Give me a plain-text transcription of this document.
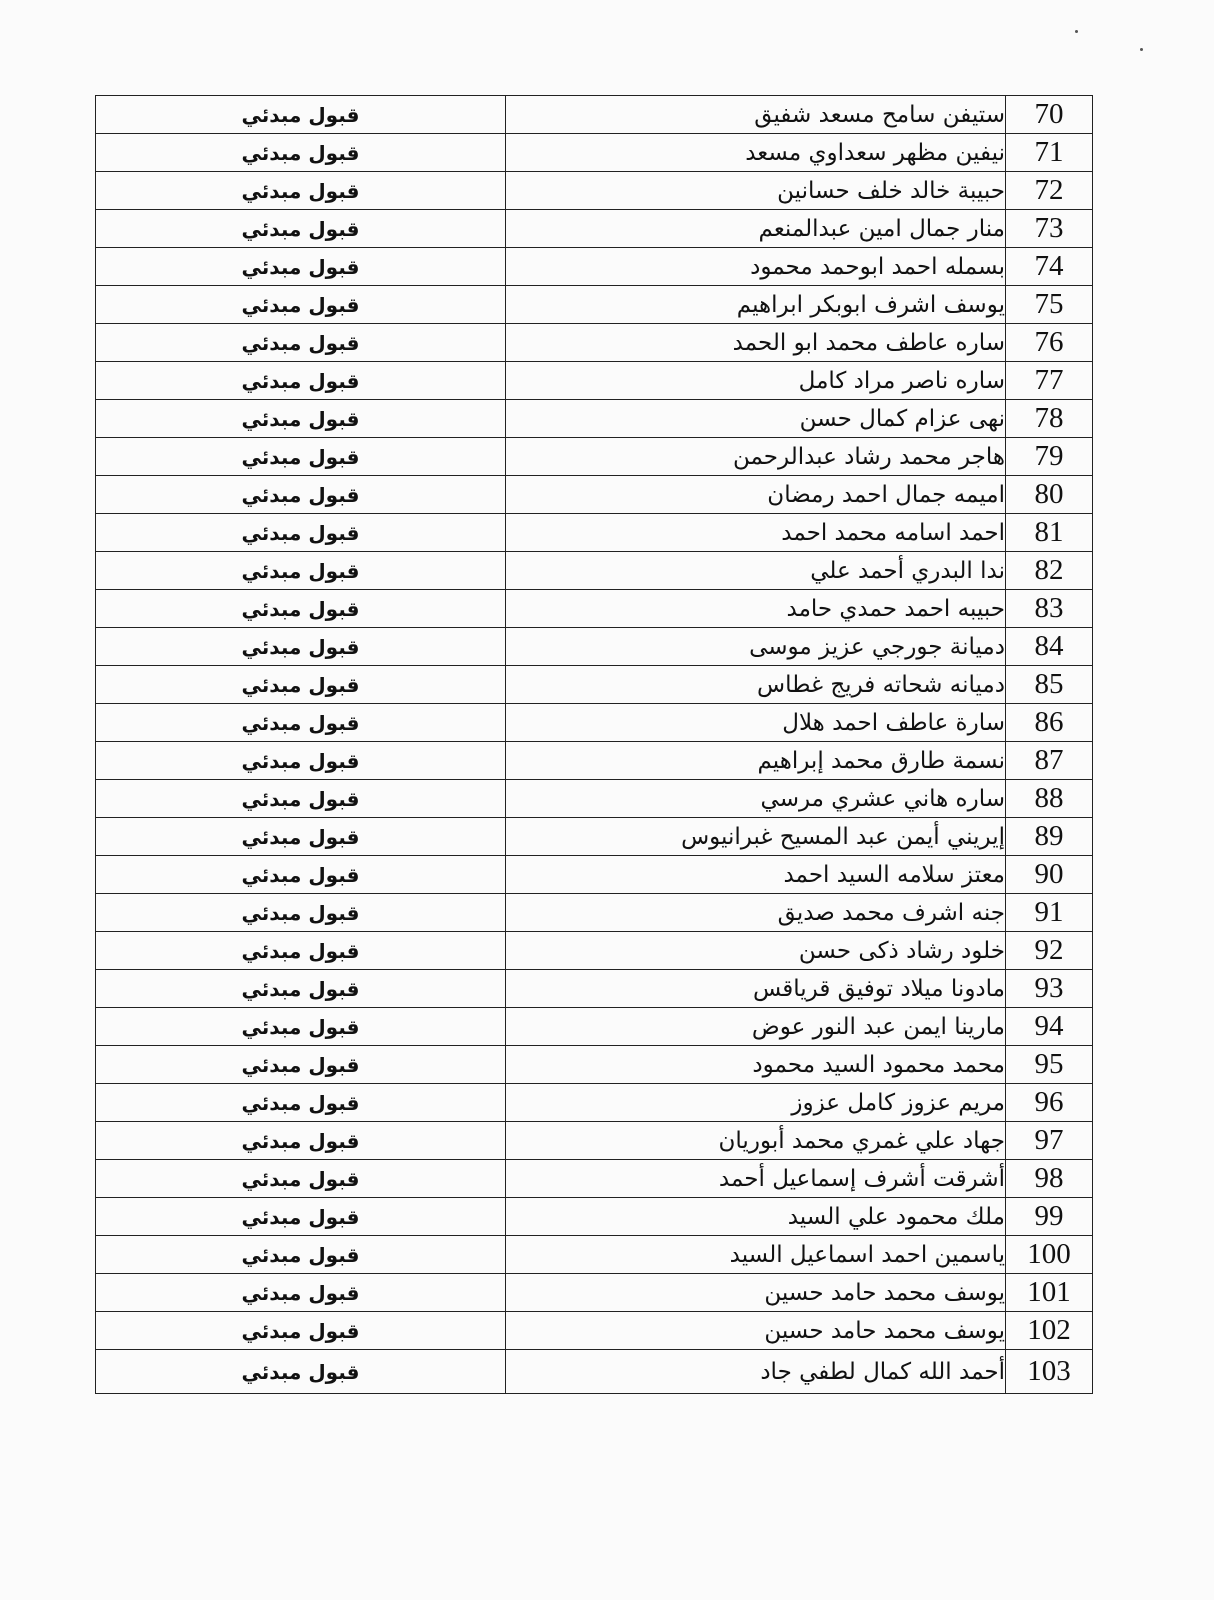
قبول مبدئي	ستيفن سامح مسعد شفيق	70
قبول مبدئي	نيفين مظهر سعداوي مسعد	71
قبول مبدئي	حبيبة خالد خلف حسانين	72
قبول مبدئي	منار جمال امين عبدالمنعم	73
قبول مبدئي	بسمله احمد ابوحمد محمود	74
قبول مبدئي	يوسف اشرف ابوبكر ابراهيم	75
قبول مبدئي	ساره عاطف محمد ابو الحمد	76
قبول مبدئي	ساره ناصر مراد كامل	77
قبول مبدئي	نهى عزام كمال حسن	78
قبول مبدئي	هاجر محمد رشاد عبدالرحمن	79
قبول مبدئي	اميمه جمال احمد رمضان	80
قبول مبدئي	احمد اسامه محمد احمد	81
قبول مبدئي	ندا البدري أحمد علي	82
قبول مبدئي	حبيبه احمد حمدي حامد	83
قبول مبدئي	دميانة جورجي عزيز موسى	84
قبول مبدئي	دميانه شحاته فريج غطاس	85
قبول مبدئي	سارة عاطف احمد هلال	86
قبول مبدئي	نسمة طارق محمد إبراهيم	87
قبول مبدئي	ساره هاني عشري مرسي	88
قبول مبدئي	إيريني أيمن عبد المسيح غبرانيوس	89
قبول مبدئي	معتز سلامه السيد احمد	90
قبول مبدئي	جنه اشرف محمد صديق	91
قبول مبدئي	خلود رشاد ذكى حسن	92
قبول مبدئي	مادونا ميلاد توفيق قرياقس	93
قبول مبدئي	مارينا ايمن عبد النور عوض	94
قبول مبدئي	محمد محمود السيد محمود	95
قبول مبدئي	مريم عزوز كامل عزوز	96
قبول مبدئي	جهاد علي غمري محمد أبوريان	97
قبول مبدئي	أشرقت أشرف إسماعيل أحمد	98
قبول مبدئي	ملك محمود علي السيد	99
قبول مبدئي	ياسمين احمد اسماعيل السيد	100
قبول مبدئي	يوسف محمد حامد حسين	101
قبول مبدئي	يوسف محمد حامد حسين	102
قبول مبدئي	أحمد الله كمال لطفي جاد	103
